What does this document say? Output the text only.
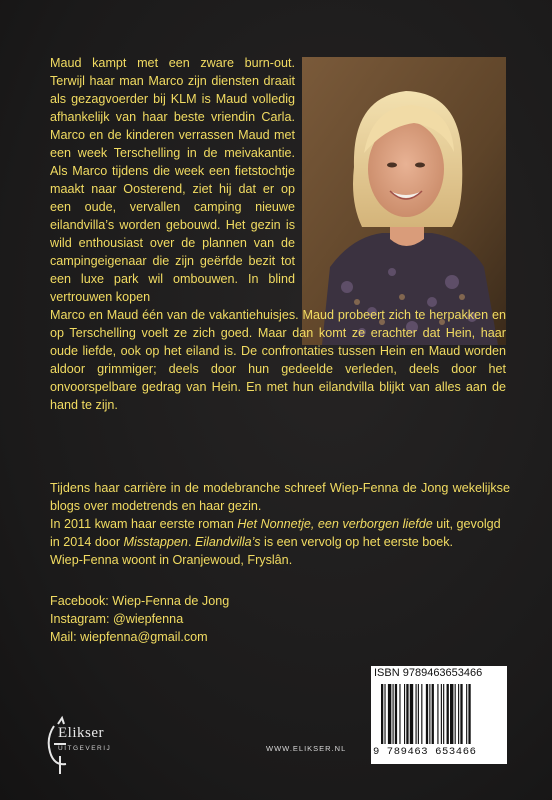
Maud kampt met een zware burn-out. Terwijl haar man Marco zijn diensten draait als gezagvoerder bij KLM is Maud volledig afhankelijk van haar beste vriendin Carla. Marco en de kinderen verrassen Maud met een week Terschelling in de meivakantie. Als Marco tijdens die week een fietstochtje maakt naar Oosterend, ziet hij dat er op een oude, vervallen camping nieuwe eilandvilla’s worden gebouwd. Het gezin is wild enthousiast over de plannen van de campingeigenaar die zijn geërfde bezit tot een luxe park wil ombouwen. In blind vertrouwen kopen
Marco en Maud één van de vakantiehuisjes. Maud probeert zich te herpakken en op Terschelling voelt ze zich goed. Maar dan komt ze erachter dat Hein, haar oude liefde, ook op het eiland is. De confrontaties tussen Hein en Maud worden aldoor grimmiger; deels door hun gedeelde verleden, deels door het onvoorspelbare gedrag van Hein. En met hun eilandvilla blijkt van alles aan de hand te zijn.
Tijdens haar carrière in de modebranche schreef Wiep-Fenna de Jong wekelijkse blogs over modetrends en haar gezin.
In 2011 kwam haar eerste roman Het Nonnetje, een verborgen liefde uit, gevolgd in 2014 door Misstappen. Eilandvilla’s is een vervolg op het eerste boek.
Wiep-Fenna woont in Oranjewoud, Fryslân.
Facebook: Wiep-Fenna de Jong
Instagram: @wiepfenna
Mail: wiepfenna@gmail.com
ISBN 9789463653466
9 789463 653466
Elikser
UITGEVERIJ	WWW.ELIKSER.NL
